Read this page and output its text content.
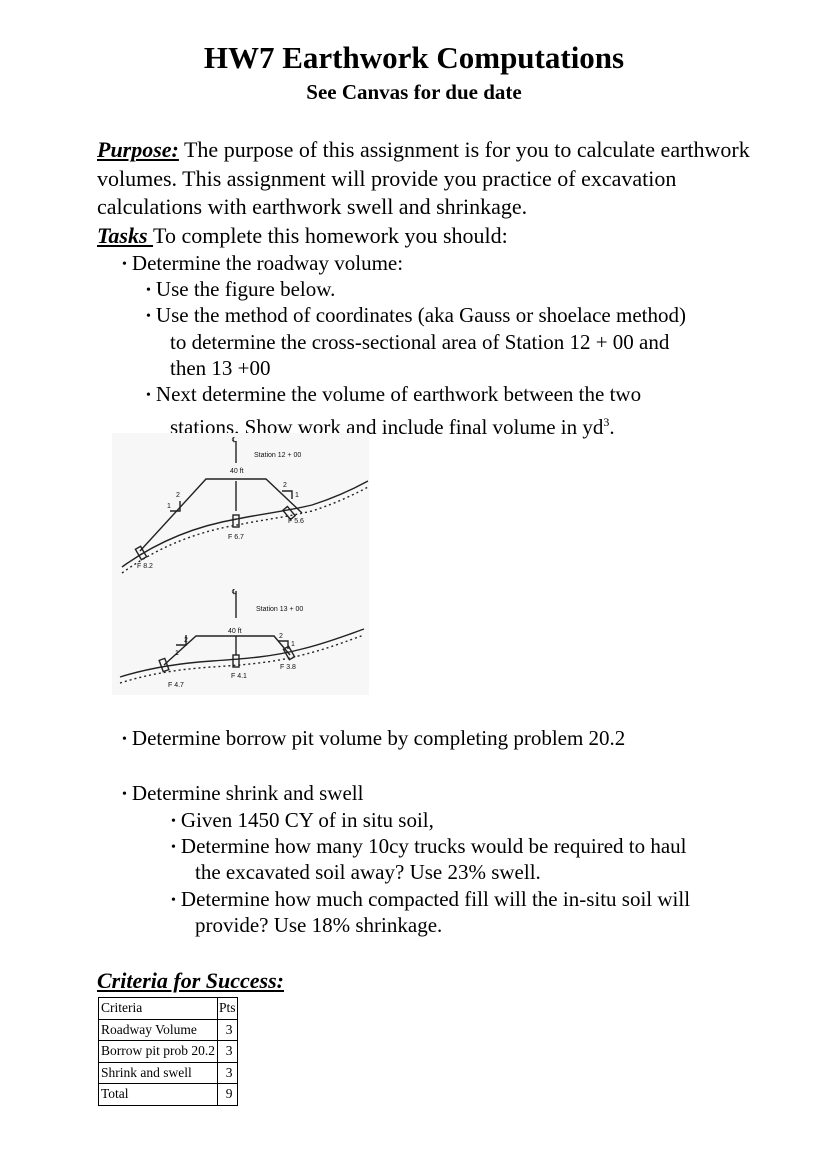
HW7 Earthwork Computations
See Canvas for due date
Purpose: The purpose of this assignment is for you to calculate earthwork volumes. This assignment will provide you practice of excavation calculations with earthwork swell and shrinkage.
Tasks To complete this homework you should:
• Determine the roadway volume:
• Use the figure below.
• Use the method of coordinates (aka Gauss or shoelace method)
to determine the cross-sectional area of Station 12 + 00 and
then 13 +00
• Next determine the volume of earthwork between the two
stations. Show work and include final volume in $yd^3$.
℄
Station 12 + 00
40 ft
2
1
2
1
F 8.2
F 6.7
F 5.6
℄
Station 13 + 00
40 ft
2
1
2
1
F 4.7
F 4.1
F 3.8
• Determine borrow pit volume by completing problem 20.2
• Determine shrink and swell
• Given 1450 CY of in situ soil,
• Determine how many 10cy trucks would be required to haul
the excavated soil away? Use 23% swell.
• Determine how much compacted fill will the in-situ soil will
provide? Use 18% shrinkage.
Criteria for Success:
Criteria	Pts
Roadway Volume	3
Borrow pit prob 20.2	3
Shrink and swell	3
Total	9
